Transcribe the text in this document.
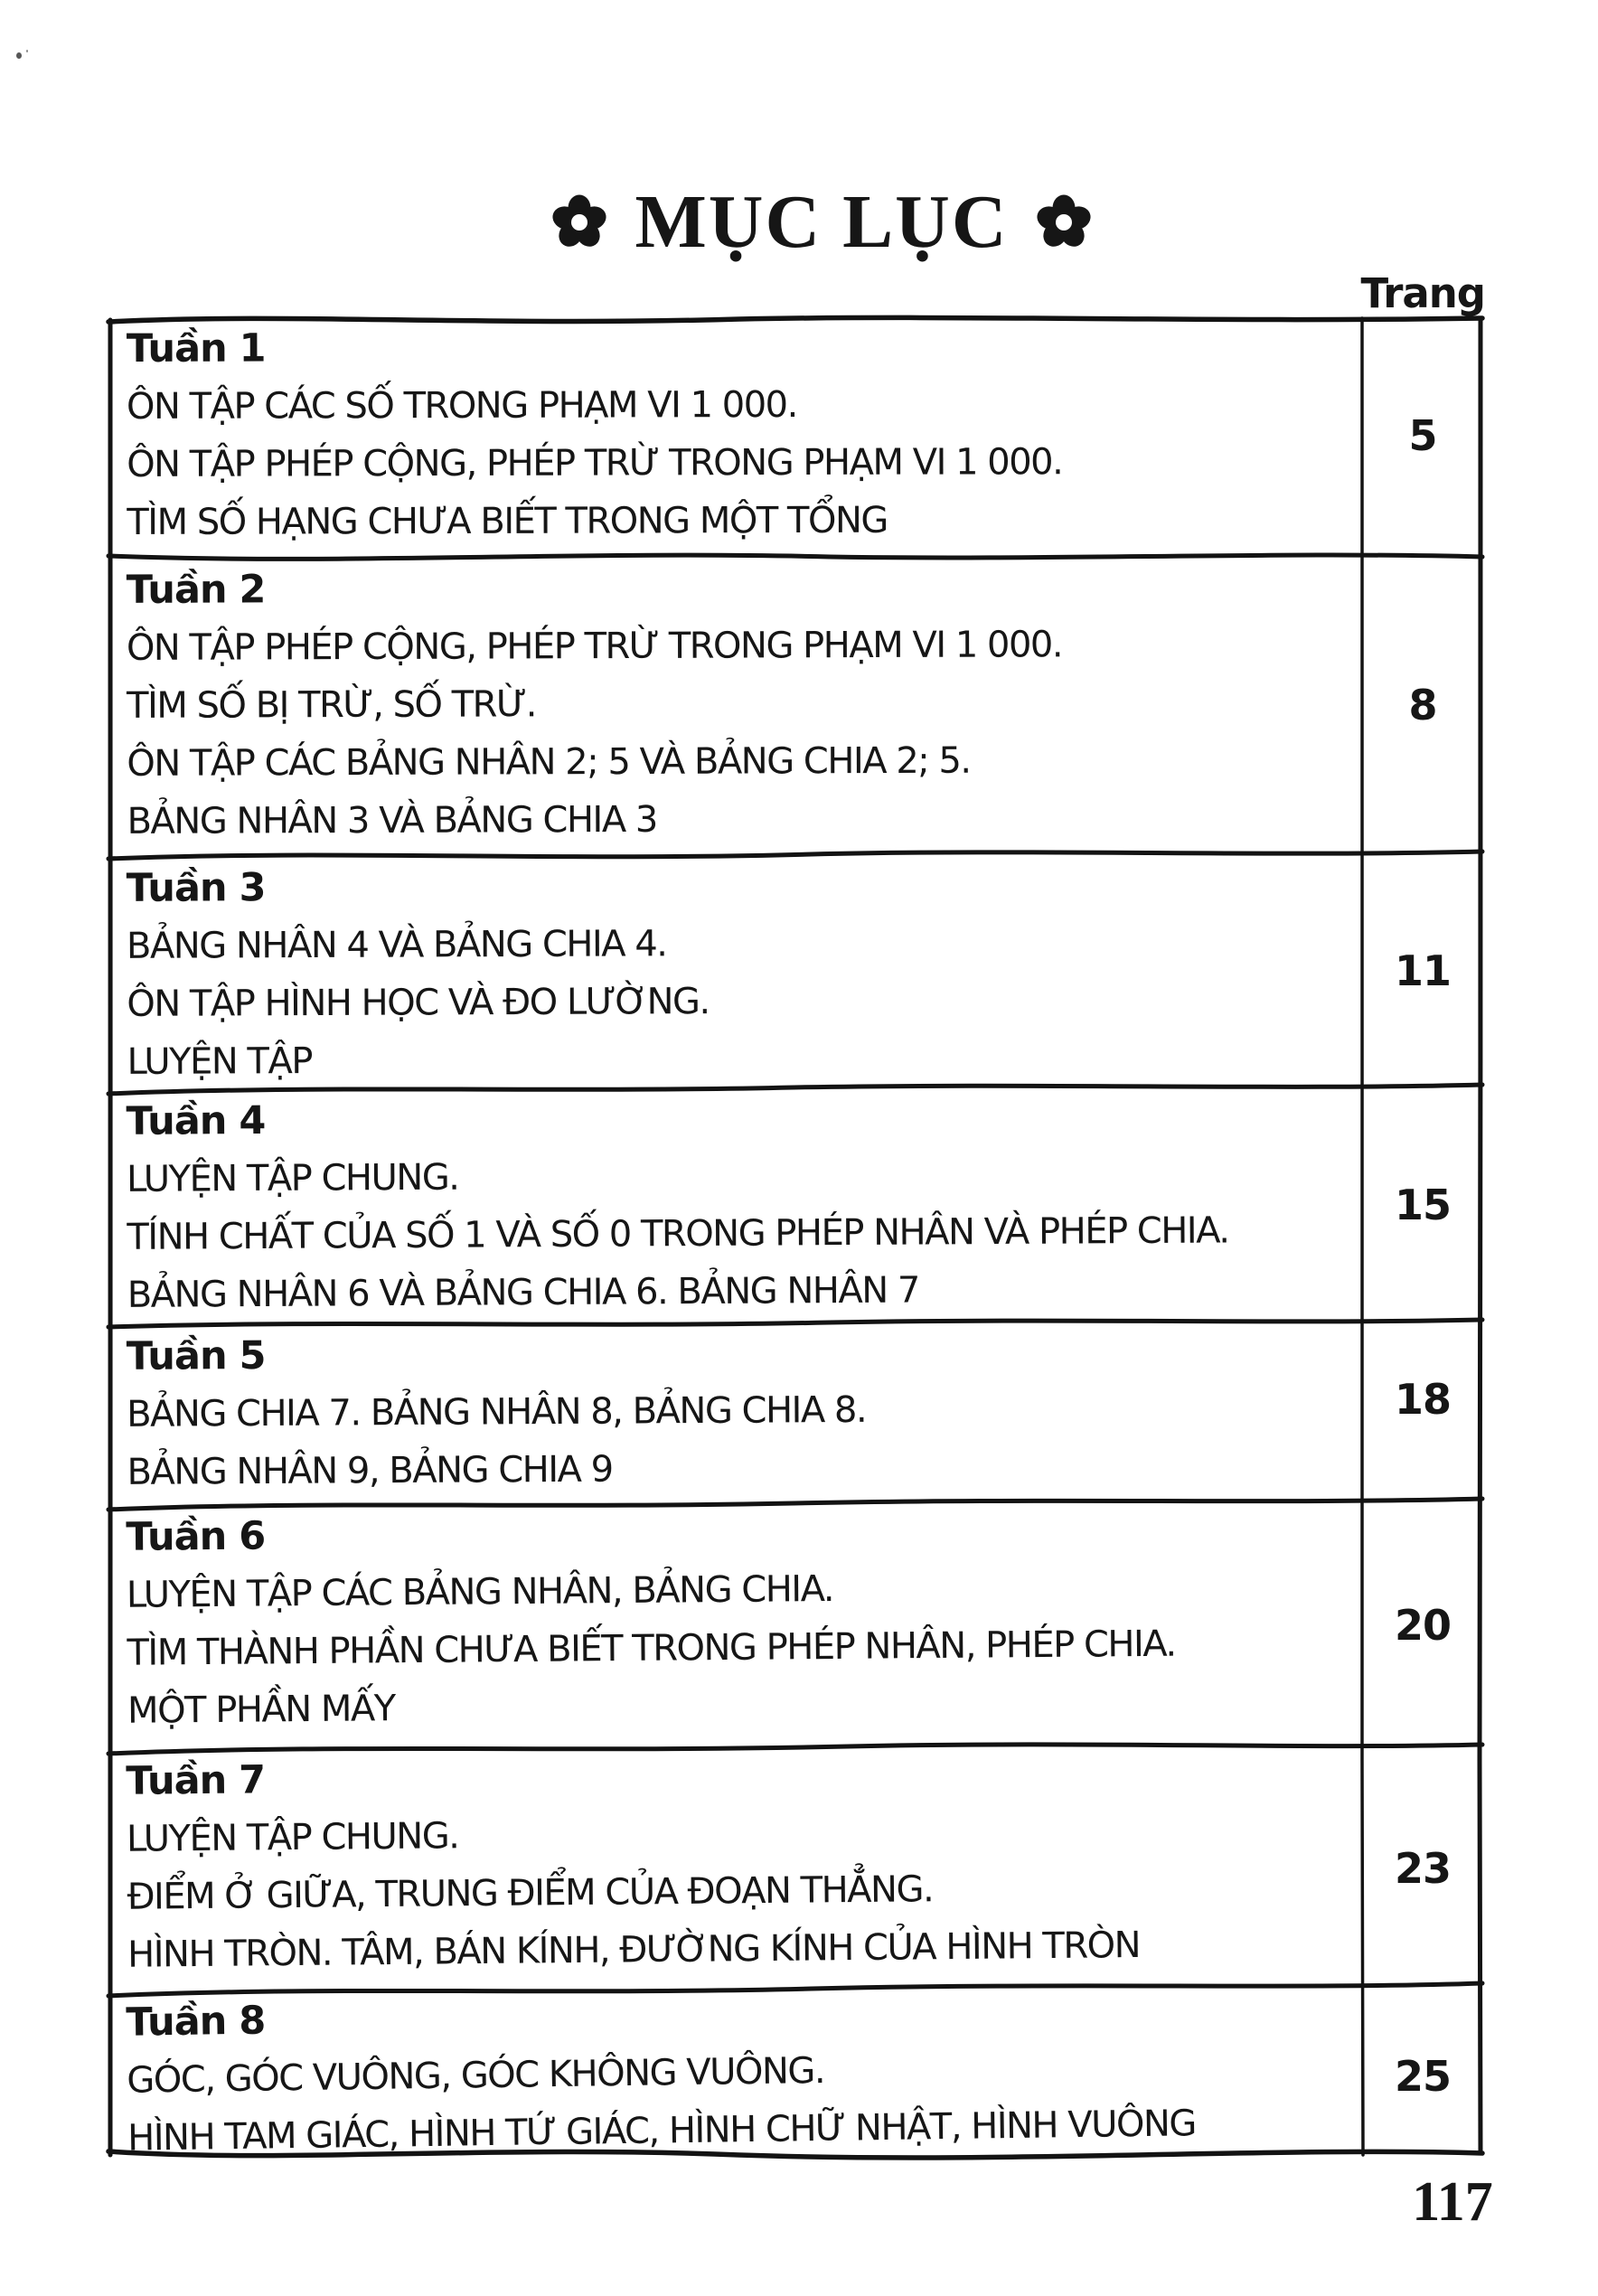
MỤC LỤC
Trang
Tuần 1
ÔN TẬP CÁC SỐ TRONG PHẠM VI 1 000.
ÔN TẬP PHÉP CỘNG, PHÉP TRỪ TRONG PHẠM VI 1 000.
TÌM SỐ HẠNG CHƯA BIẾT TRONG MỘT TỔNG
5
Tuần 2
ÔN TẬP PHÉP CỘNG, PHÉP TRỪ TRONG PHẠM VI 1 000.
TÌM SỐ BỊ TRỪ, SỐ TRỪ.
ÔN TẬP CÁC BẢNG NHÂN 2; 5 VÀ BẢNG CHIA 2; 5.
BẢNG NHÂN 3 VÀ BẢNG CHIA 3
8
Tuần 3
BẢNG NHÂN 4 VÀ BẢNG CHIA 4.
ÔN TẬP HÌNH HỌC VÀ ĐO LƯỜNG.
LUYỆN TẬP
11
Tuần 4
LUYỆN TẬP CHUNG.
TÍNH CHẤT CỦA SỐ 1 VÀ SỐ 0 TRONG PHÉP NHÂN VÀ PHÉP CHIA.
BẢNG NHÂN 6 VÀ BẢNG CHIA 6. BẢNG NHÂN 7
15
Tuần 5
BẢNG CHIA 7. BẢNG NHÂN 8, BẢNG CHIA 8.
BẢNG NHÂN 9, BẢNG CHIA 9
18
Tuần 6
LUYỆN TẬP CÁC BẢNG NHÂN, BẢNG CHIA.
TÌM THÀNH PHẦN CHƯA BIẾT TRONG PHÉP NHÂN, PHÉP CHIA.
MỘT PHẦN MẤY
20
Tuần 7
LUYỆN TẬP CHUNG.
ĐIỂM Ở GIỮA, TRUNG ĐIỂM CỦA ĐOẠN THẲNG.
HÌNH TRÒN. TÂM, BÁN KÍNH, ĐƯỜNG KÍNH CỦA HÌNH TRÒN
23
Tuần 8
GÓC, GÓC VUÔNG, GÓC KHÔNG VUÔNG.
HÌNH TAM GIÁC, HÌNH TỨ GIÁC, HÌNH CHỮ NHẬT, HÌNH VUÔNG
25
117
